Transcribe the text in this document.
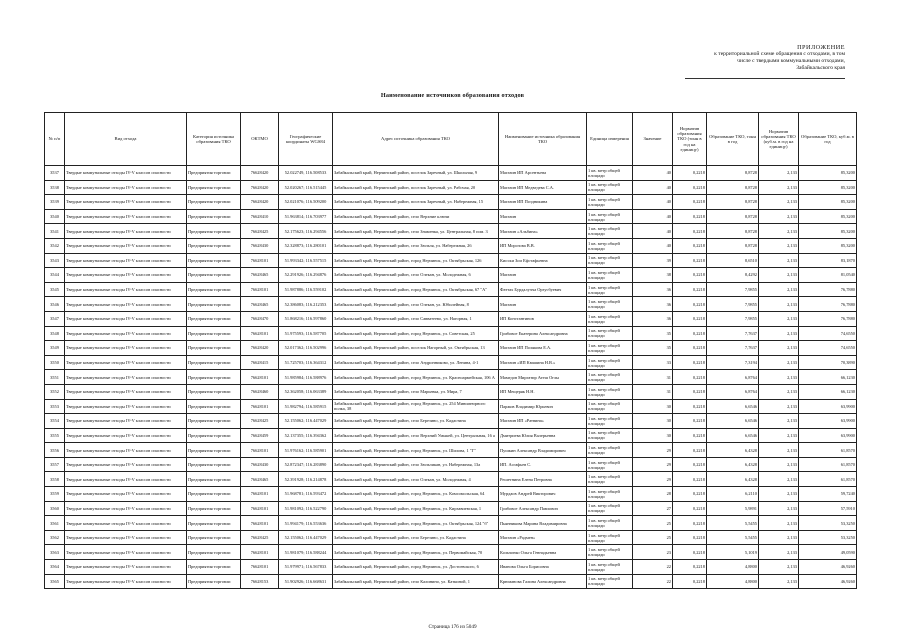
ПРИЛОЖЕНИЕ
к территориальной схеме обращения с отходами, в том
числе с твердыми коммунальными отходами,
Забайкальского края
Наименование источников образования отходов
№ п/п	Вид отхода	Категория источника образования ТКО	ОКТМО	Географические координаты WGS84	Адрес источника образования ТКО	Наименование источника образования ТКО	Единица измерения	Значение	Норматив образования ТКО (тонн в год на единицу)	Образование ТКО, тонн в год	Норматив образования ТКО (куб.м. в год на единицу)	Образование ТКО, куб.м. в год
3537	Твердые коммунальные отходы IV-V классов опасности	Предприятия торговли	76628420	52.022749, 116.508533	Забайкальский край, Нерчинский район, поселок Заречный, ул. Школьная, 9	Магазин ИП Арсентьева	1 кв. метр общей площади	40	0,2218	8,8728	2,133	85,3200
3538	Твердые коммунальные отходы IV-V классов опасности	Предприятия торговли	76628420	52.020267; 116.515445	Забайкальский край, Нерчинский район, поселок Заречный, ул. Рабочая, 20	Магазин ИП Медведева С.А.	1 кв. метр общей площади	40	0,2218	8,8728	2,133	85,3200
3539	Твердые коммунальные отходы IV-V классов опасности	Предприятия торговли	76628420	52.021076; 116.509200	Забайкальский край, Нерчинский район, поселок Заречный, ул. Набережная, 15	Магазин ИП Поздникина	1 кв. метр общей площади	40	0,2218	8,8728	2,133	85,3200
3540	Твердые коммунальные отходы IV-V классов опасности	Предприятия торговли	76628410	51.963814; 116.703977	Забайкальский край, Нерчинский район, село Верхние ключи	Магазин	1 кв. метр общей площади	40	0,2218	8,8728	2,133	85,3200
3541	Твердые коммунальные отходы IV-V классов опасности	Предприятия торговли	76628425	52.175623; 116.294556	Забайкальский край, Нерчинский район, село Знаменка, ул. Центральная, 8 пом. 3	Магазин «Альбина»	1 кв. метр общей площади	40	0,2218	8,8728	2,133	85,3200
3542	Твердые коммунальные отходы IV-V классов опасности	Предприятия торговли	76628430	52.328873; 116.280101	Забайкальский край, Нерчинский район, село Зюльзя, ул. Набережная, 26	ИП Морозова В.В.	1 кв. метр общей площади	40	0,2218	8,8728	2,133	85,3200
3543	Твердые коммунальные отходы IV-V классов опасности	Предприятия торговли	76628101	51.993342; 116.557515	Забайкальский край, Нерчинский район, город Нерчинск, ул. Октябрьская, 126	Киоски Зои Ефстафьевна	1 кв. метр общей площади	39	0,2218	8,6510	2,133	83,1870
3544	Твердые коммунальные отходы IV-V классов опасности	Предприятия торговли	76628465	52.291926; 116.294876	Забайкальский край, Нерчинский район, село Олекан, ул. Молодежная, 6	Магазин	1 кв. метр общей площади	38	0,2218	8,4292	2,133	81,0540
3545	Твердые коммунальные отходы IV-V классов опасности	Предприятия торговли	76628101	51.987886; 116.559102	Забайкальский край, Нерчинский район, город Нерчинск, ул. Октябрьская, 67 "А"	Фаттах Бурдалучча Орзусбуевич	1 кв. метр общей площади	36	0,2218	7,9855	2,133	76,7880
3546	Твердые коммунальные отходы IV-V классов опасности	Предприятия торговли	76628465	52.386083; 116.212353	Забайкальский край, Нерчинский район, село Олекан, ул. Юбилейная, 8	Магазин	1 кв. метр общей площади	36	0,2218	7,9855	2,133	76,7880
3547	Твердые коммунальные отходы IV-V классов опасности	Предприятия торговли	76628470	51.868216; 116.597860	Забайкальский край, Нерчинский район, село Савватеево, ул. Нагорная, 1	ИП Константинов	1 кв. метр общей площади	36	0,2218	7,9855	2,133	76,7880
3548	Твердые коммунальные отходы IV-V классов опасности	Предприятия торговли	76628101	51.975593; 116.587705	Забайкальский край, Нерчинский район, город Нерчинск, ул. Советская, 25	Грибовое Екатерина Александровна	1 кв. метр общей площади	35	0,2218	7,7637	2,133	74,6550
3549	Твердые коммунальные отходы IV-V классов опасности	Предприятия торговли	76628420	52.017362; 116.502996	Забайкальский край, Нерчинский район, поселок Нагорный, ул. Октябрьская, 13	Магазин ИП Полякова Е.А.	1 кв. метр общей площади	35	0,2218	7,7637	2,133	74,6550
3550	Твердые коммунальные отходы IV-V классов опасности	Предприятия торговли	76628415	51.725703; 116.364312	Забайкальский край, Нерчинский район, село Андронниково, ул. Ленина, 4-1	Магазин «ИП Квашина Н.В.»	1 кв. метр общей площади	33	0,2218	7,3194	2,133	70,3890
3551	Твердые коммунальные отходы IV-V классов опасности	Предприятия торговли	76628101	51.985984; 116.588976	Забайкальский край, Нерчинский район, город Нерчинск, ул. Красноармейская, 106 А	Мамедов Миргатир Атеш Оглы	1 кв. метр общей площади	31	0,2218	6,8764	2,133	66,1230
3552	Твердые коммунальные отходы IV-V классов опасности	Предприятия торговли	76628460	52.362058; 116.063389	Забайкальский край, Нерчинский район, село Марьевка, ул. Мира, 7	ИП Мещеряк Н.Н.	1 кв. метр общей площади	31	0,2218	6,8764	2,133	66,1230
3553	Твердые коммунальные отходы IV-V классов опасности	Предприятия торговли	76628101	51.982794; 116.585915	Забайкальский край, Нерчинский район, город Нерчинск, ул. 254 Миниатюрного полка, 38	Паржов Владимир Юрьевич	1 кв. метр общей площади	30	0,2218	6,6546	2,133	63,9900
3554	Твердые коммунальные отходы IV-V классов опасности	Предприятия торговли	76628425	52.155062; 116.447029	Забайкальский край, Нерчинский район, село Березино, ул. Кадастина	Магазин ИП «Ратвина»	1 кв. метр общей площади	30	0,2218	6,6546	2,133	63,9900
3555	Твердые коммунальные отходы IV-V классов опасности	Предприятия торговли	76628459	52.137355; 116.394362	Забайкальский край, Нерчинский район, село Верхний Умыкей, ул. Центральная, 16 а	Дмитриева Юлия Валерьевна	1 кв. метр общей площади	30	0,2218	6,6546	2,133	63,9900
3556	Твердые коммунальные отходы IV-V классов опасности	Предприятия торговли	76628101	51.976162; 116.585901	Забайкальский край, Нерчинский район, город Нерчинск, ул. Шилова, 1 "Г"	Пушкин Александр Владимирович	1 кв. метр общей площади	29	0,2218	6,4328	2,133	61,8570
3557	Твердые коммунальные отходы IV-V классов опасности	Предприятия торговли	76628430	52.872347; 116.283890	Забайкальский край, Нерчинский район, село Зюльзикан, ул. Набережная, 13а	ИП. Асгафьев С.	1 кв. метр общей площади	29	0,2218	6,4328	2,133	61,8570
3558	Твердые коммунальные отходы IV-V классов опасности	Предприятия торговли	76628465	52.391928; 116.214878	Забайкальский край, Нерчинский район, село Олекан, ул. Молодежная, 4	Решетнина Елена Петровна	1 кв. метр общей площади	29	0,2218	6,4328	2,133	61,8570
3559	Твердые коммунальные отходы IV-V классов опасности	Предприятия торговли	76628101	51.968781; 116.593472	Забайкальский край, Нерчинский район, город Нерчинск, ул. Комсомольская, 64	Мурдаов Андрей Викторович	1 кв. метр общей площади	28	0,2218	6,2110	2,133	59,7240
3560	Твердые коммунальные отходы IV-V классов опасности	Предприятия торговли	76628101	51.981092; 116.522790	Забайкальский край, Нерчинский район, город Нерчинск, ул. Кирзавиевская, 1	Грибовое Александр Павлович	1 кв. метр общей площади	27	0,2218	5,9891	2,133	57,5910
3561	Твердые коммунальные отходы IV-V классов опасности	Предприятия торговли	76628101	51.994179; 116.553636	Забайкальский край, Нерчинский район, город Нерчинск, ул. Октябрьская, 124 "б"	Пьянникова Марина Владимировна	1 кв. метр общей площади	25	0,2218	5,5455	2,133	53,3250
3562	Твердые коммунальные отходы IV-V классов опасности	Предприятия торговли	76628425	52.155062; 116.447029	Забайкальский край, Нерчинский район, село Березино, ул. Кадастина	Магазин «Радмен»	1 кв. метр общей площади	25	0,2218	5,5455	2,133	53,3250
3563	Твердые коммунальные отходы IV-V классов опасности	Предприятия торговли	76628101	51.981079; 116.588244	Забайкальский край, Нерчинский район, город Нерчинск, ул. Первомайская, 70	Кольчонко Ольга Геннадьевна	1 кв. метр общей площади	23	0,2218	5,1019	2,133	49,0590
3564	Твердые коммунальные отходы IV-V классов опасности	Предприятия торговли	76628101	51.979971; 116.567833	Забайкальский край, Нерчинский район, город Нерчинск, ул. Достоевского, 6	Иванова Ольга Борисовна	1 кв. метр общей площади	22	0,2218	4,8800	2,133	46,9260
3565	Твердые коммунальные отходы IV-V классов опасности	Предприятия торговли	76628153	51.902926; 116.668631	Забайкальский край, Нерчинский район, село Калинино, ул. Каткиной, 1	Крюманова Галина Александровна	1 кв. метр общей площади	22	0,2218	4,8800	2,133	46,9260
Страница 176 из 5049
